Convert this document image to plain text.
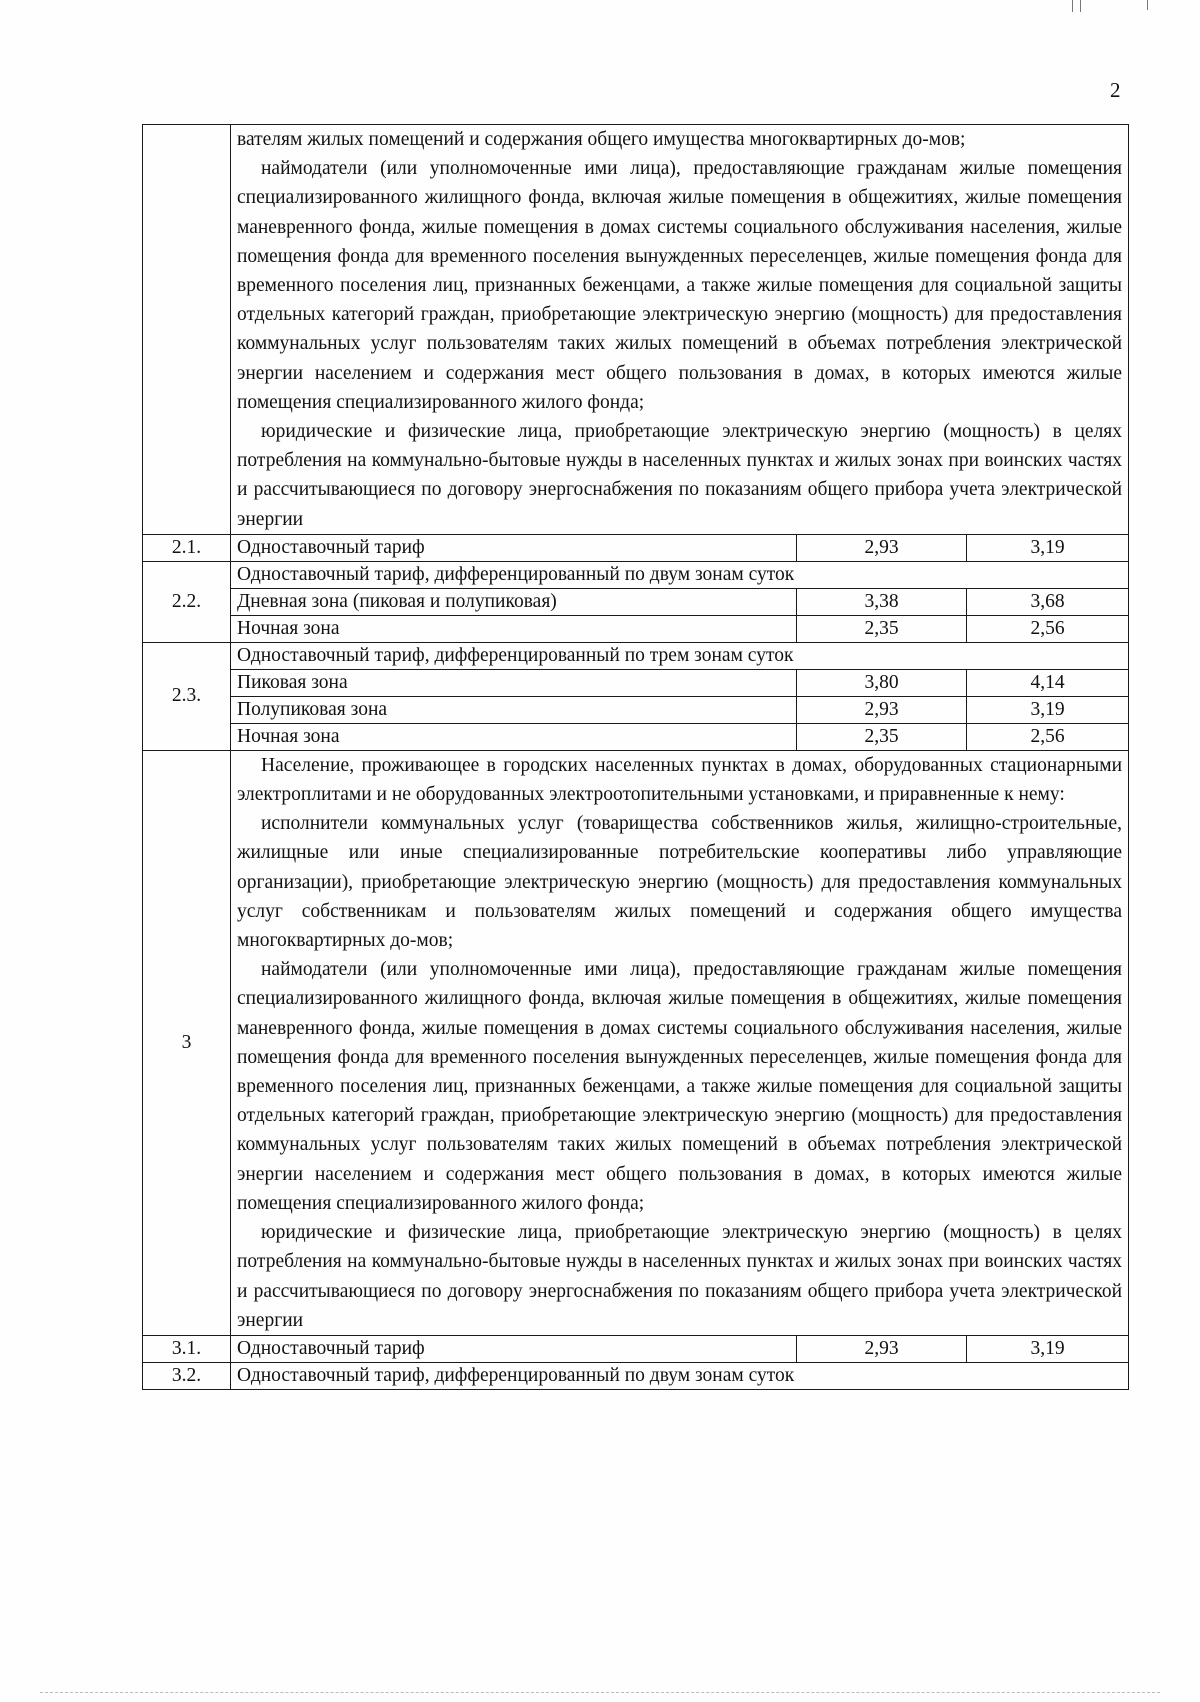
2

	вателям жилых помещений и содержания общего имущества многоквартирных до-мов;

наймодатели (или уполномоченные ими лица), предоставляющие гражданам жилые помещения специализированного жилищного фонда, включая жилые помещения в общежитиях, жилые помещения маневренного фонда, жилые помещения в домах системы социального обслуживания населения, жилые помещения фонда для временного поселения вынужденных переселенцев, жилые помещения фонда для временного поселения лиц, признанных беженцами, а также жилые помещения для социальной защиты отдельных категорий граждан, приобретающие электрическую энергию (мощность) для предоставления коммунальных услуг пользователям таких жилых помещений в объемах потребления электрической энергии населением и содержания мест общего пользования в домах, в которых имеются жилые помещения специализированного жилого фонда;

юридические и физические лица, приобретающие электрическую энергию (мощность) в целях потребления на коммунально-бытовые нужды в населенных пунктах и жилых зонах при воинских частях и рассчитывающиеся по договору энергоснабжения по показаниям общего прибора учета электрической энергии		

2.1.	Одноставочный тариф	2,93	3,19
2.2.	Одноставочный тариф, дифференцированный по двум зонам суток		
	Дневная зона (пиковая и полупиковая)	3,38	3,68
	Ночная зона	2,35	2,56
2.3.	Одноставочный тариф, дифференцированный по трем зонам суток		
	Пиковая зона	3,80	4,14
	Полупиковая зона	2,93	3,19
	Ночная зона	2,35	2,56
3	Население, проживающее в городских населенных пунктах в домах, оборудованных стационарными электроплитами и не оборудованных электроотопительными установками, и приравненные к нему:

исполнители коммунальных услуг (товарищества собственников жилья, жилищно-строительные, жилищные или иные специализированные потребительские кооперативы либо управляющие организации), приобретающие электрическую энергию (мощность) для предоставления коммунальных услуг собственникам и пользователям жилых помещений и содержания общего имущества многоквартирных до-мов;

наймодатели (или уполномоченные ими лица), предоставляющие гражданам жилые помещения специализированного жилищного фонда, включая жилые помещения в общежитиях, жилые помещения маневренного фонда, жилые помещения в домах системы социального обслуживания населения, жилые помещения фонда для временного поселения вынужденных переселенцев, жилые помещения фонда для временного поселения лиц, признанных беженцами, а также жилые помещения для социальной защиты отдельных категорий граждан, приобретающие электрическую энергию (мощность) для предоставления коммунальных услуг пользователям таких жилых помещений в объемах потребления электрической энергии населением и содержания мест общего пользования в домах, в которых имеются жилые помещения специализированного жилого фонда;

юридические и физические лица, приобретающие электрическую энергию (мощность) в целях потребления на коммунально-бытовые нужды в населенных пунктах и жилых зонах при воинских частях и рассчитывающиеся по договору энергоснабжения по показаниям общего прибора учета электрической энергии		

3.1.	Одноставочный тариф	2,93	3,19
3.2.	Одноставочный тариф, дифференцированный по двум зонам суток		
